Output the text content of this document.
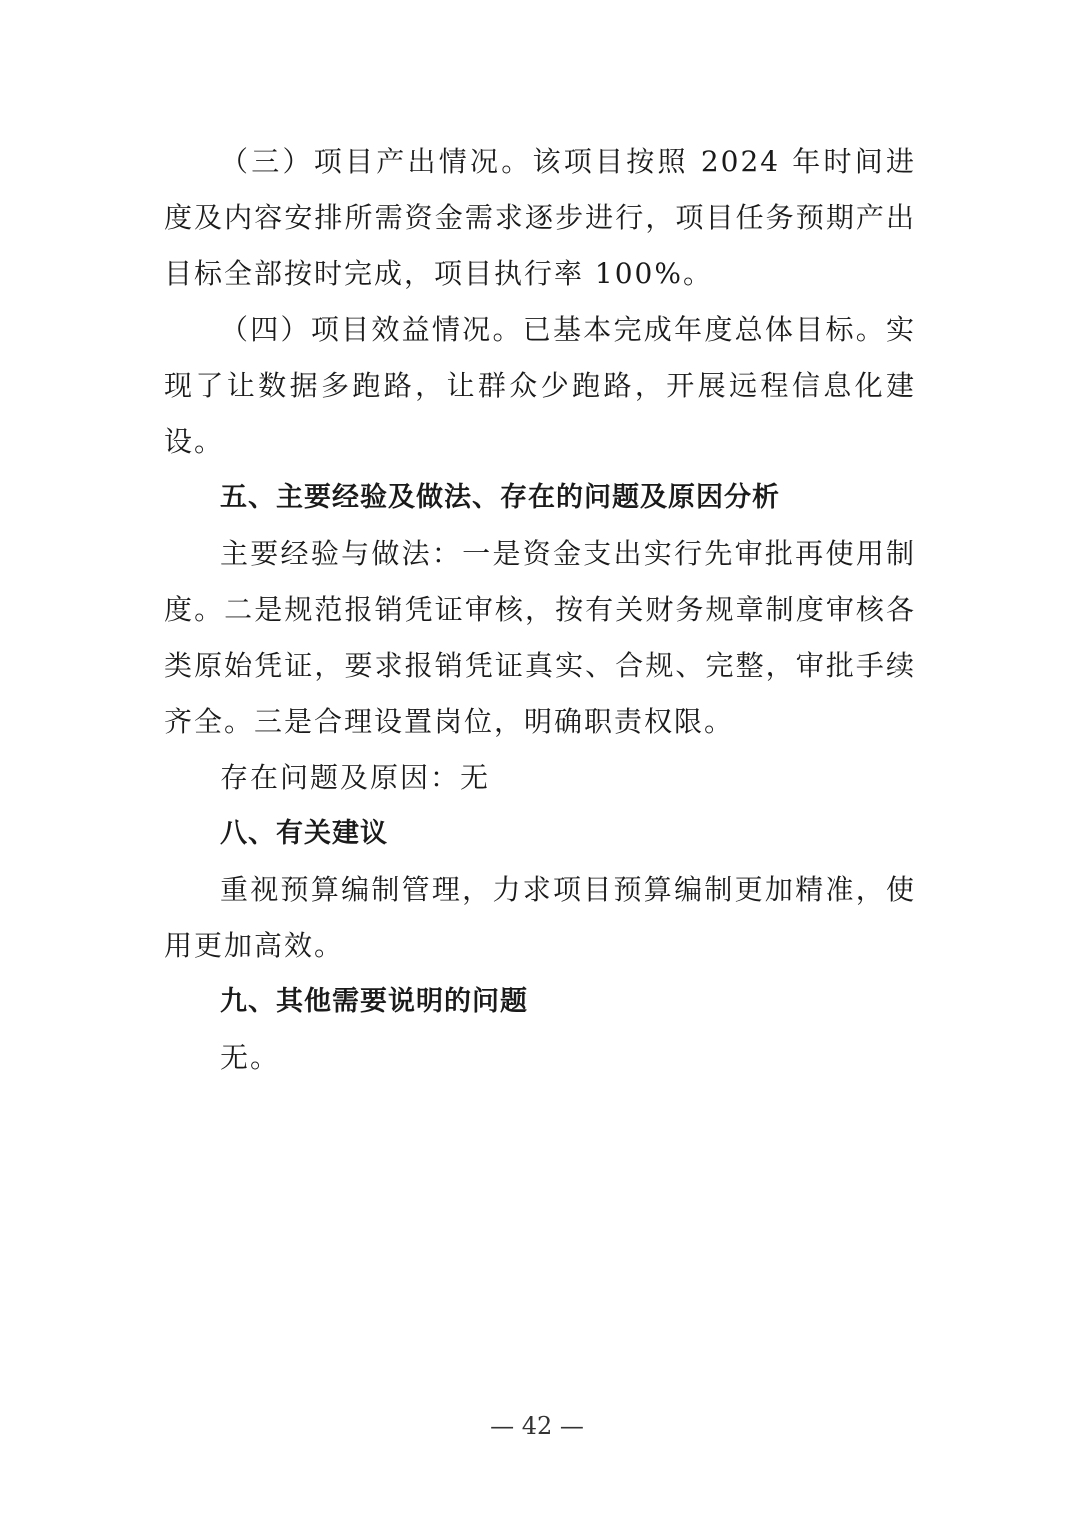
（三）项目产出情况。该项目按照 2024 年时间进度及内容安排所需资金需求逐步进行，项目任务预期产出目标全部按时完成，项目执行率 100%。

（四）项目效益情况。已基本完成年度总体目标。实现了让数据多跑路，让群众少跑路，开展远程信息化建设。

五、主要经验及做法、存在的问题及原因分析

主要经验与做法：一是资金支出实行先审批再使用制度。二是规范报销凭证审核，按有关财务规章制度审核各类原始凭证，要求报销凭证真实、合规、完整，审批手续齐全。三是合理设置岗位，明确职责权限。

存在问题及原因：无

八、有关建议

重视预算编制管理，力求项目预算编制更加精准，使用更加高效。

九、其他需要说明的问题

无。

— 42 —
